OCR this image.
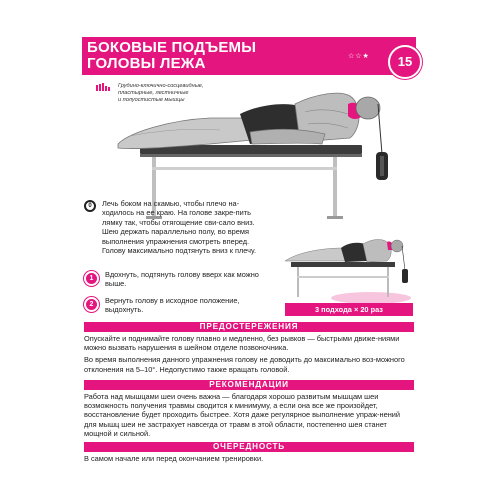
БОКОВЫЕ ПОДЪЕМЫ
ГОЛОВЫ ЛЕЖА	☆☆★	15
Грудино-ключично-сосцевидные,
пластырные, лестничные
и полуостистые мышцы
0	Лечь боком на скамью, чтобы плечо на-ходилось на ее краю. На голове закре-пить лямку так, чтобы отягощение сви-сало вниз. Шею держать параллельно полу, во время выполнения упражнения смотреть вперед. Голову максимально подтянуть вниз к плечу.
1	Вдохнуть, подтянуть голову вверх как можно выше.
2	Вернуть голову в исходное положение, выдохнуть.	3 подхода × 20 раз
ПРЕДОСТЕРЕЖЕНИЯ

Опускайте и поднимайте голову плавно и медленно, без рывков — быстрыми движе-ниями можно вызвать нарушения в шейном отделе позвоночника.

Во время выполнения данного упражнения голову не доводить до максимально воз-можного отклонения на 5–10°. Недопустимо также вращать головой.

РЕКОМЕНДАЦИИ

Работа над мышцами шеи очень важна — благодаря хорошо развитым мышцам шеи возможность получения травмы сводится к минимуму, а если она все же произойдет, восстановление будет проходить быстрее. Хотя даже регулярное выполнение упраж-нений для мышц шеи не застрахует навсегда от травм в этой области, постепенно шея станет мощной и сильной.

ОЧЕРЕДНОСТЬ

В самом начале или перед окончанием тренировки.
